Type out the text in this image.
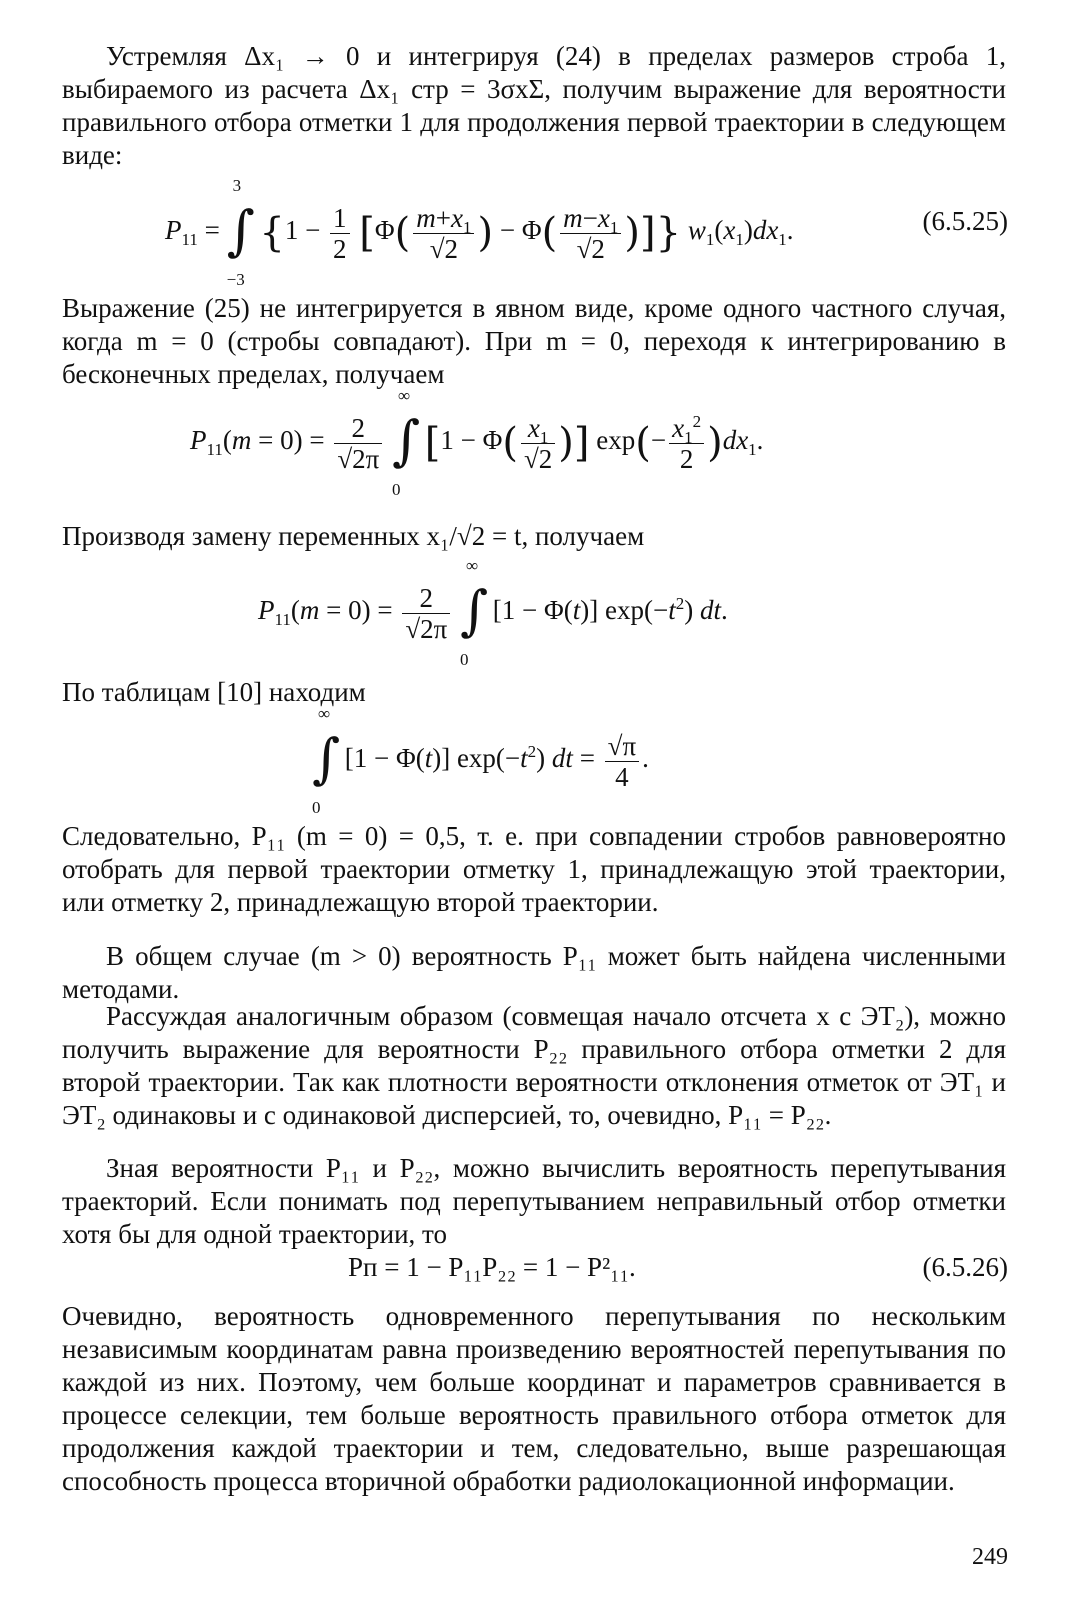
Устремляя Δx₁ → 0 и интегрируя (24) в пределах размеров строба 1, выбираемого из расчета Δx₁ стр = 3σxΣ, получим выражение для вероятности правильного отбора отметки 1 для продолжения первой траектории в следующем виде:

$P_{11}$ = ∫
3
−3
{$1 - \frac{1}{2} [\Phi( \frac{m+x_1}{√2}$ ) − $\Phi( \frac{m-x_1}{√2}$ )]} $w_1(x_1)dx_1$.	(6.5.25)

Выражение (25) не интегрируется в явном виде, кроме одного частного случая, когда m = 0 (стробы совпадают). При m = 0, переходя к интегрированию в бесконечных пределах, получаем

$P_{11}(m = 0) = \frac{2}{√2\pi}$
∫
∞
0
[$1 - \Phi( \frac{x_1}{√2}$ )] $\exp(- \frac{x_1^2}{2} )dx_1$.

Производя замену переменных x₁/√2 = t, получаем

$P_{11}(m = 0) = \frac{2}{√2\pi}$
∫
∞
0
[1 − Φ(t)] $\exp(-t^2)$ dt.

По таблицам [10] находим

∫
∞
0
[1 − Φ(t)] $\exp(-t^2)$ dt = $\frac{√\pi}{4}$ .

Следовательно, P₁₁ (m = 0) = 0,5, т. е. при совпадении стробов равновероятно отобрать для первой траектории отметку 1, принадлежащую этой траектории, или отметку 2, принадлежащую второй траектории.

В общем случае (m > 0) вероятность P₁₁ может быть найдена численными методами.

Рассуждая аналогичным образом (совмещая начало отсчета x с ЭТ₂), можно получить выражение для вероятности P₂₂ правильного отбора отметки 2 для второй траектории. Так как плотности вероятности отклонения отметок от ЭТ₁ и ЭТ₂ одинаковы и с одинаковой дисперсией, то, очевидно, P₁₁ = P₂₂.

Зная вероятности P₁₁ и P₂₂, можно вычислить вероятность перепутывания траекторий. Если понимать под перепутыванием неправильный отбор отметки хотя бы для одной траектории, то

Pп = 1 − P₁₁P₂₂ = 1 − P²₁₁.	(6.5.26)

Очевидно, вероятность одновременного перепутывания по нескольким независимым координатам равна произведению вероятностей перепутывания по каждой из них. Поэтому, чем больше координат и параметров сравнивается в процессе селекции, тем больше вероятность правильного отбора отметок для продолжения каждой траектории и тем, следовательно, выше разрешающая способность процесса вторичной обработки радиолокационной информации.

249
